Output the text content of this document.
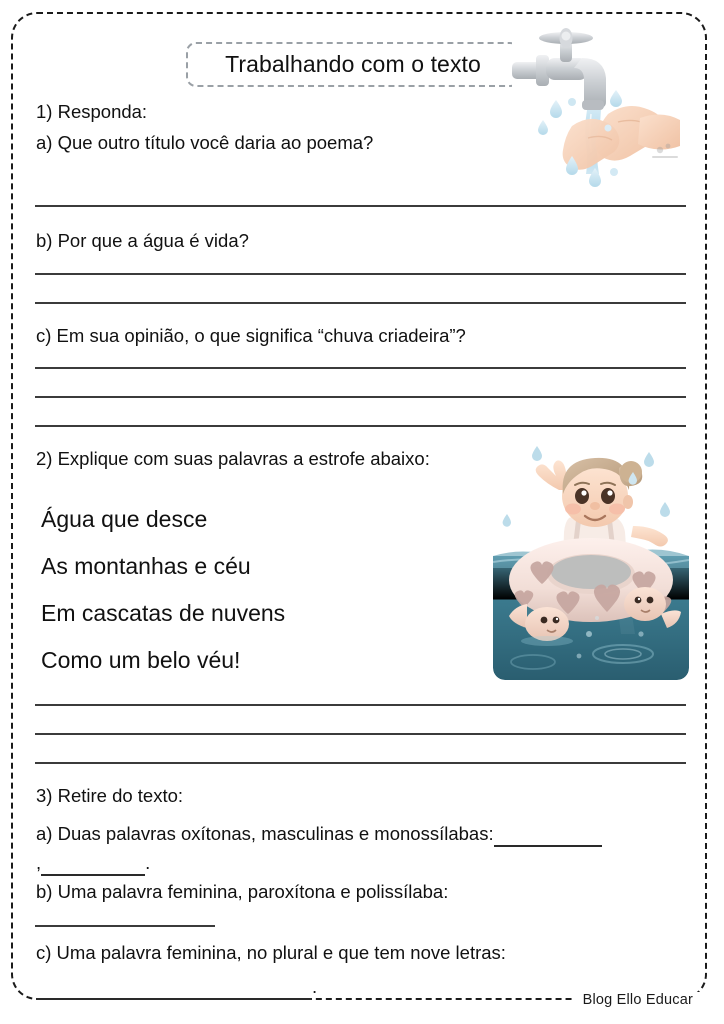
Trabalhando com o texto
1) Responda:
a) Que outro título você daria ao poema?
b) Por que a água é vida?
c) Em sua opinião, o que significa “chuva criadeira”?
2) Explique com suas palavras a estrofe abaixo:
Água que desce
As montanhas e céu
Em cascatas de nuvens
Como um belo véu!
3) Retire do texto:
a) Duas palavras oxítonas, masculinas e monossílabas:
,	.
b) Uma palavra feminina, paroxítona e polissílaba:
c) Uma palavra feminina, no plural e que tem nove letras:
.
Blog Ello Educar
